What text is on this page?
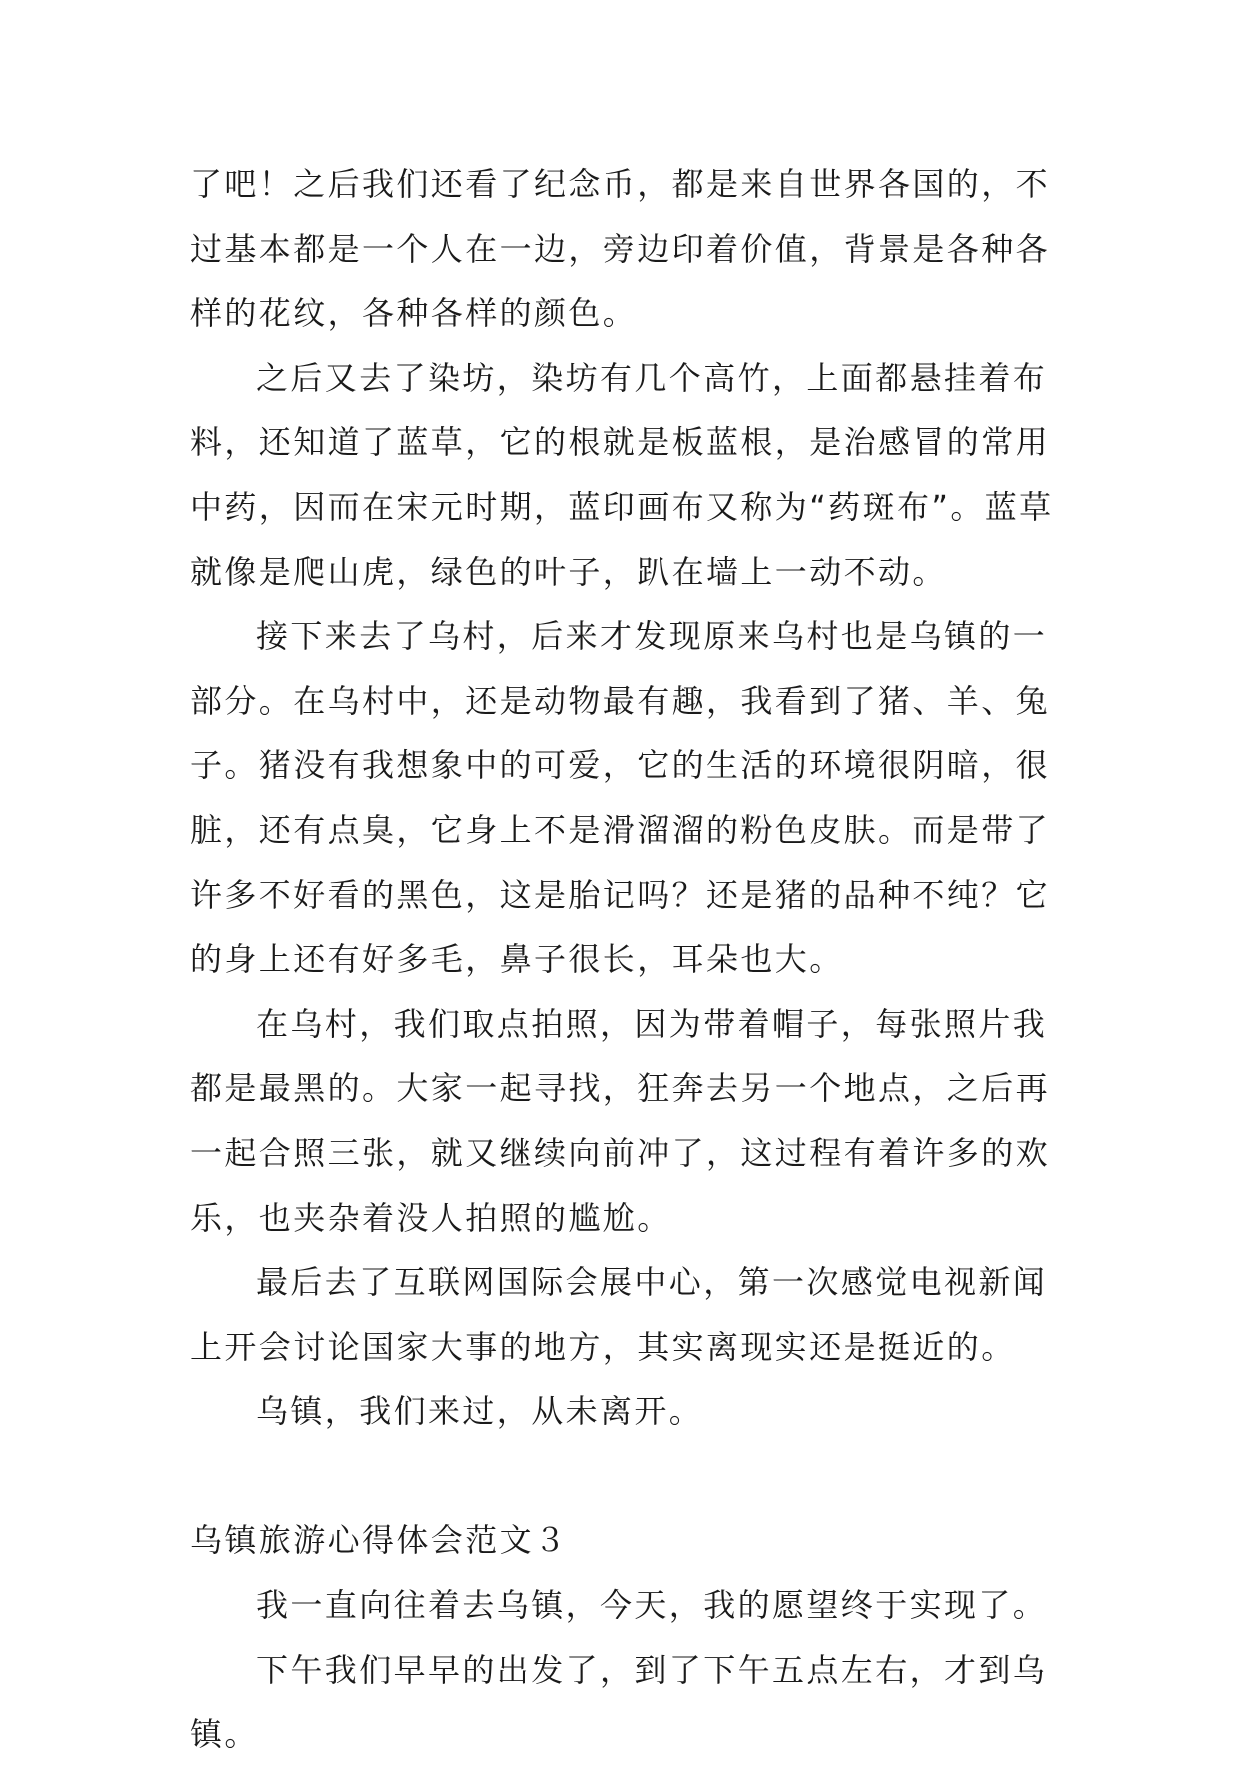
了吧！之后我们还看了纪念币，都是来自世界各国的，不过基本都是一个人在一边，旁边印着价值，背景是各种各样的花纹，各种各样的颜色。

之后又去了染坊，染坊有几个高竹，上面都悬挂着布料，还知道了蓝草，它的根就是板蓝根，是治感冒的常用中药，因而在宋元时期，蓝印画布又称为“药斑布”。蓝草就像是爬山虎，绿色的叶子，趴在墙上一动不动。

接下来去了乌村，后来才发现原来乌村也是乌镇的一部分。在乌村中，还是动物最有趣，我看到了猪、羊、兔子。猪没有我想象中的可爱，它的生活的环境很阴暗，很脏，还有点臭，它身上不是滑溜溜的粉色皮肤。而是带了许多不好看的黑色，这是胎记吗？还是猪的品种不纯？它的身上还有好多毛，鼻子很长，耳朵也大。

在乌村，我们取点拍照，因为带着帽子，每张照片我都是最黑的。大家一起寻找，狂奔去另一个地点，之后再一起合照三张，就又继续向前冲了，这过程有着许多的欢乐，也夹杂着没人拍照的尴尬。

最后去了互联网国际会展中心，第一次感觉电视新闻上开会讨论国家大事的地方，其实离现实还是挺近的。

乌镇，我们来过，从未离开。

乌镇旅游心得体会范文３

我一直向往着去乌镇，今天，我的愿望终于实现了。

下午我们早早的出发了，到了下午五点左右，才到乌镇。
